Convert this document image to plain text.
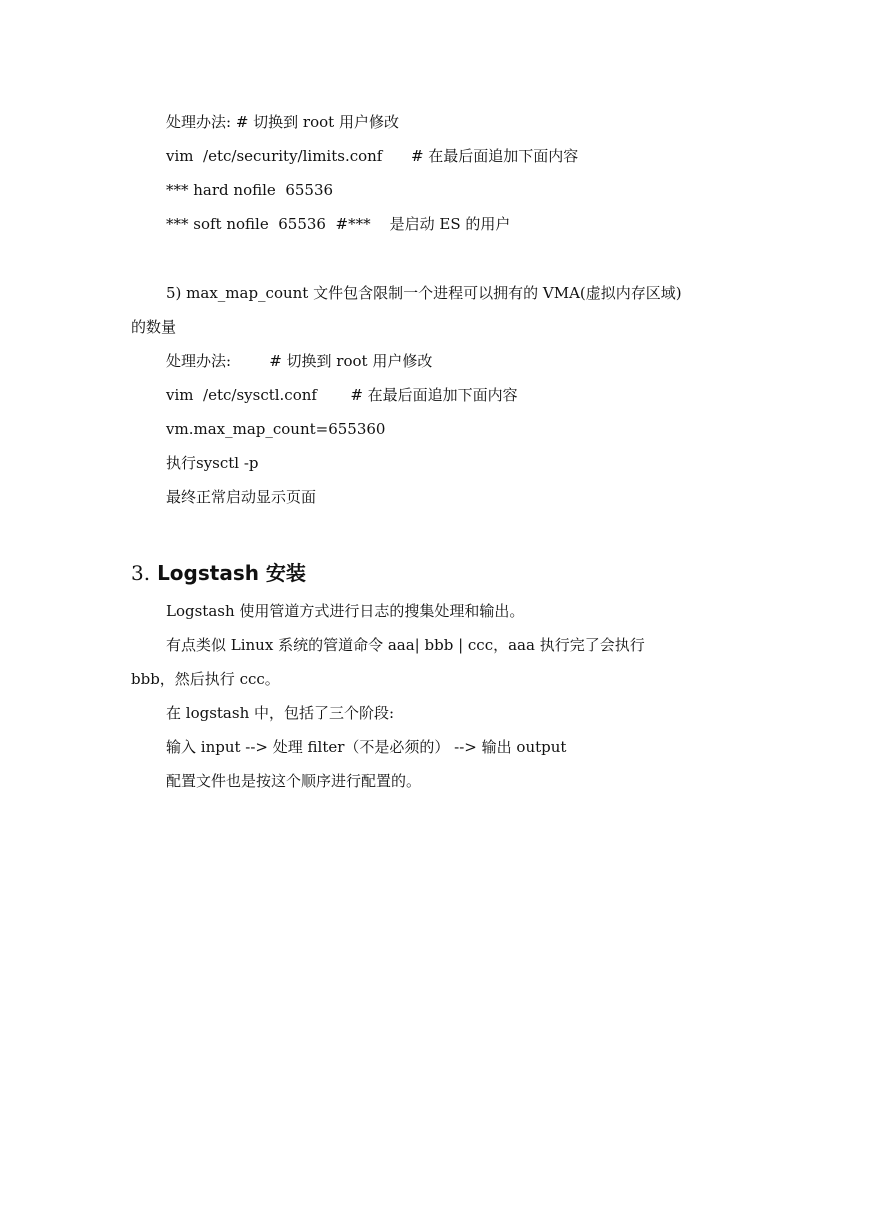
处理办法: # 切换到 root 用户修改

vim  /etc/security/limits.conf      # 在最后面追加下面内容

*** hard nofile  65536

*** soft nofile  65536  #***    是启动 ES 的用户

5) max_map_count 文件包含限制一个进程可以拥有的 VMA(虚拟内存区域)

的数量

处理办法:        # 切换到 root 用户修改

vim  /etc/sysctl.conf       # 在最后面追加下面内容

vm.max_map_count=655360

执行sysctl -p

最终正常启动显示页面

3. Logstash 安装

Logstash 使用管道方式进行日志的搜集处理和输出。

有点类似 Linux 系统的管道命令 aaa| bbb | ccc，aaa 执行完了会执行

bbb，然后执行 ccc。

在 logstash 中，包括了三个阶段:

输入 input --> 处理 filter（不是必须的） --> 输出 output

配置文件也是按这个顺序进行配置的。
